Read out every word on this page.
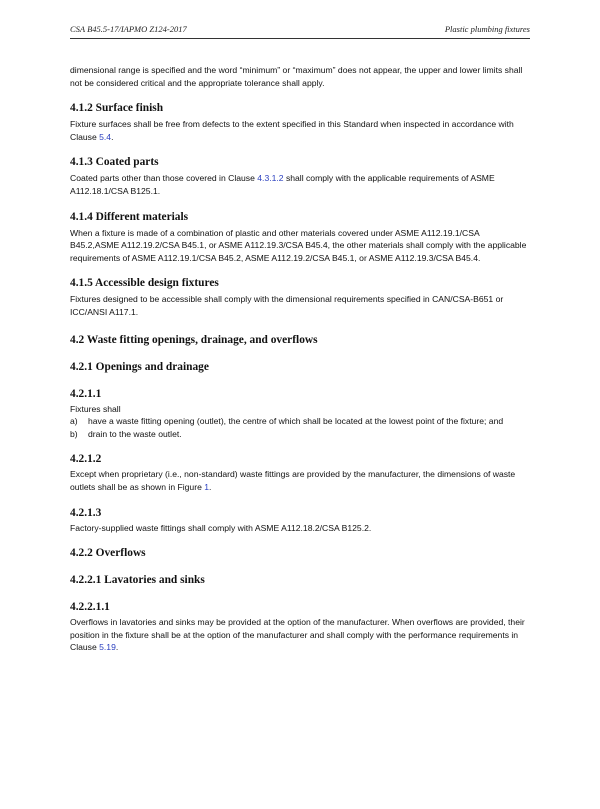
CSA B45.5-17/IAPMO Z124-2017	Plastic plumbing fixtures

dimensional range is specified and the word “minimum” or “maximum” does not appear, the upper and lower limits shall not be considered critical and the appropriate tolerance shall apply.

4.1.2 Surface finish

Fixture surfaces shall be free from defects to the extent specified in this Standard when inspected in accordance with Clause 5.4.

4.1.3 Coated parts

Coated parts other than those covered in Clause 4.3.1.2 shall comply with the applicable requirements of ASME A112.18.1/CSA B125.1.

4.1.4 Different materials

When a fixture is made of a combination of plastic and other materials covered under ASME A112.19.1/CSA B45.2,ASME A112.19.2/CSA B45.1, or ASME A112.19.3/CSA B45.4, the other materials shall comply with the applicable requirements of ASME A112.19.1/CSA B45.2, ASME A112.19.2/CSA B45.1, or ASME A112.19.3/CSA B45.4.

4.1.5 Accessible design fixtures

Fixtures designed to be accessible shall comply with the dimensional requirements specified in CAN/CSA-B651 or ICC/ANSI A117.1.

4.2 Waste fitting openings, drainage, and overflows
4.2.1 Openings and drainage
4.2.1.1

Fixtures shall

a) have a waste fitting opening (outlet), the centre of which shall be located at the lowest point of the fixture; and
b) drain to the waste outlet.
4.2.1.2

Except when proprietary (i.e., non-standard) waste fittings are provided by the manufacturer, the dimensions of waste outlets shall be as shown in Figure 1.

4.2.1.3

Factory-supplied waste fittings shall comply with ASME A112.18.2/CSA B125.2.

4.2.2 Overflows
4.2.2.1 Lavatories and sinks
4.2.2.1.1

Overflows in lavatories and sinks may be provided at the option of the manufacturer. When overflows are provided, their position in the fixture shall be at the option of the manufacturer and shall comply with the performance requirements in Clause 5.19.
